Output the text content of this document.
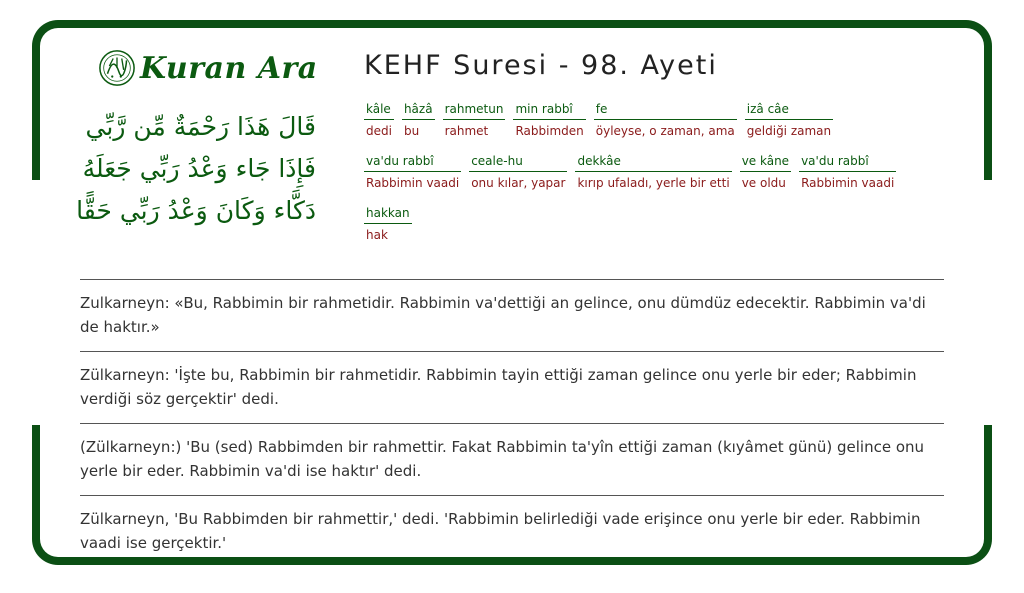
Kuran Ara
قَالَ هَذَا رَحْمَةٌ مِّن رَّبِّي
فَإِذَا جَاء وَعْدُ رَبِّي جَعَلَهُ
دَكَّاء وَكَانَ وَعْدُ رَبِّي حَقًّا
KEHF Suresi - 98. Ayeti
kâle
dedi
hâzâ
bu
rahmetun
rahmet
min rabbî
Rabbimden
fe
öyleyse, o zaman, ama
izâ câe
geldiği zaman
va'du rabbî
Rabbimin vaadi
ceale-hu
onu kılar, yapar
dekkâe
kırıp ufaladı, yerle bir etti
ve kâne
ve oldu
va'du rabbî
Rabbimin vaadi
hakkan
hak
Zulkarneyn: «Bu, Rabbimin bir rahmetidir. Rabbimin va'dettiği an gelince, onu dümdüz edecektir. Rabbimin va'di de haktır.»
Zülkarneyn: 'İşte bu, Rabbimin bir rahmetidir. Rabbimin tayin ettiği zaman gelince onu yerle bir eder; Rabbimin verdiği söz gerçektir' dedi.
(Zülkarneyn:) 'Bu (sed) Rabbimden bir rahmettir. Fakat Rabbimin ta'yîn ettiği zaman (kıyâmet günü) gelince onu yerle bir eder. Rabbimin va'di ise haktır' dedi.
Zülkarneyn, 'Bu Rabbimden bir rahmettir,' dedi. 'Rabbimin belirlediği vade erişince onu yerle bir eder. Rabbimin vaadi ise gerçektir.'
